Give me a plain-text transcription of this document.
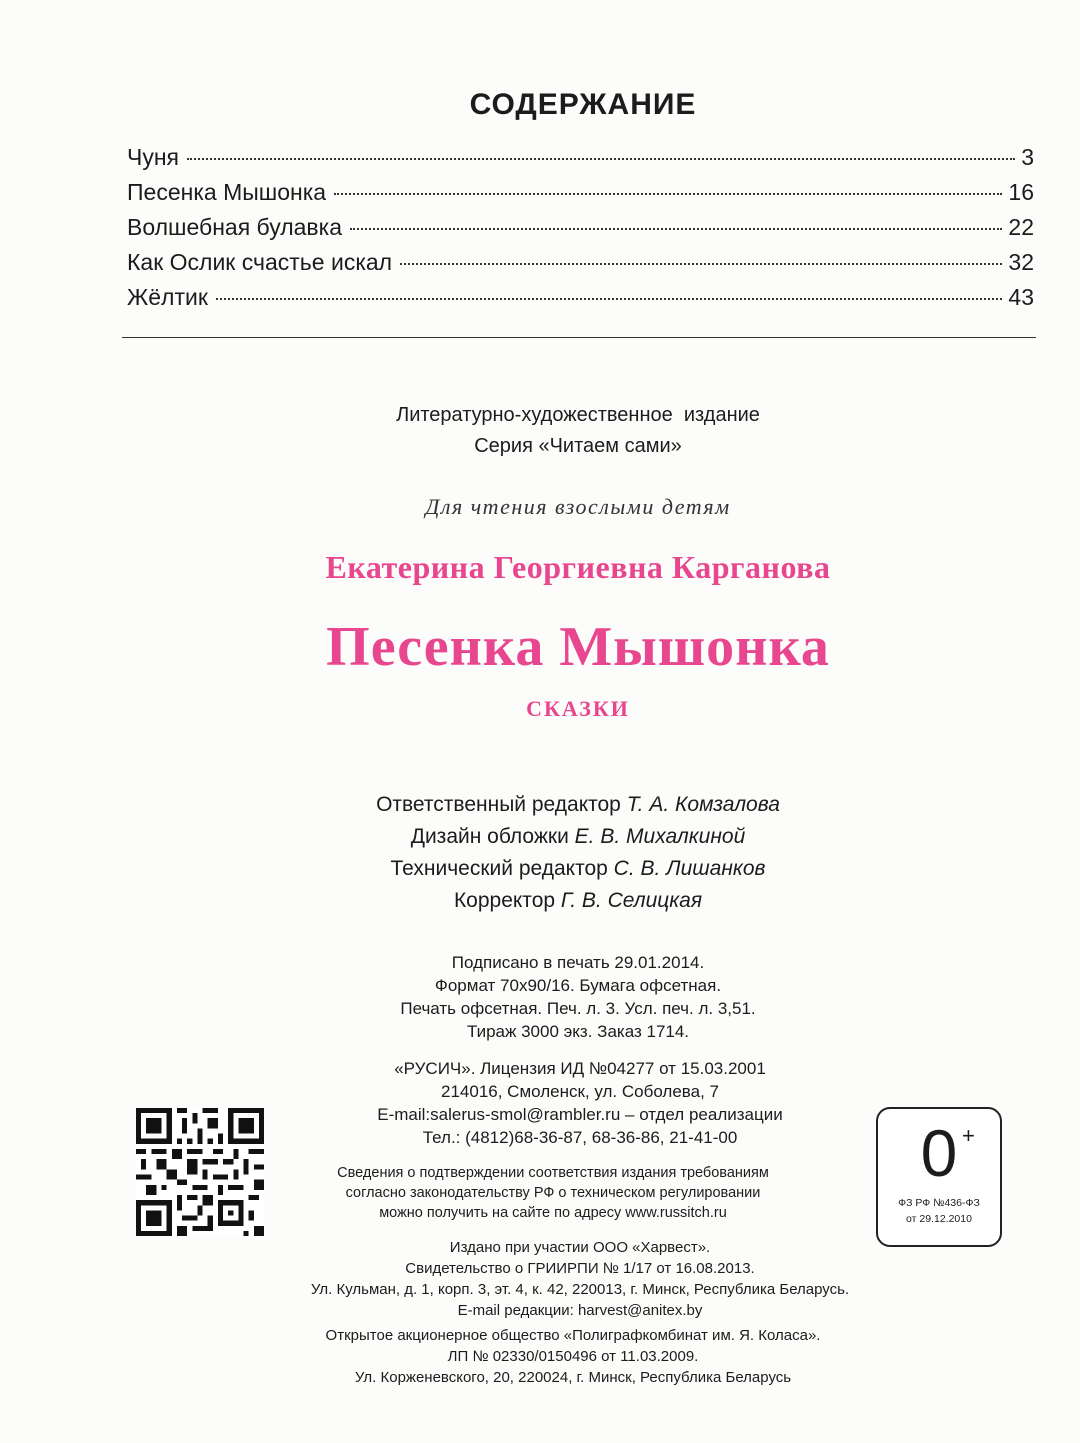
СОДЕРЖАНИЕ
Чуня	3
Песенка Мышонка	16
Волшебная булавка	22
Как Ослик счастье искал	32
Жёлтик	43

Литературно-художественное  издание

Серия «Читаем сами»

Для чтения взослыми детям
Екатерина Георгиевна Карганова
Песенка Мышонка
СКАЗКИ

Ответственный редактор Т. А. Комзалова

Дизайн обложки Е. В. Михалкиной

Технический редактор С. В. Лишанков

Корректор Г. В. Селицкая

Подписано в печать 29.01.2014.

Формат 70х90/16. Бумага офсетная.

Печать офсетная. Печ. л. 3. Усл. печ. л. 3,51.

Тираж 3000 экз. Заказ 1714.

«РУСИЧ». Лицензия ИД №04277 от 15.03.2001

214016, Смоленск, ул. Соболева, 7

E-mail:salerus-smol@rambler.ru – отдел реализации

Тел.: (4812)68-36-87, 68-36-86, 21-41-00

Сведения о подтверждении соответствия издания требованиям

согласно законодательству РФ о техническом регулировании

можно получить на сайте по адресу www.russitch.ru

0 +
ФЗ РФ №436-ФЗ
от 29.12.2010

Издано при участии ООО «Харвест».

Свидетельство о ГРИИРПИ № 1/17 от 16.08.2013.

Ул. Кульман, д. 1, корп. 3, эт. 4, к. 42, 220013, г. Минск, Республика Беларусь.

E-mail редакции: harvest@anitex.by

Открытое акционерное общество «Полиграфкомбинат им. Я. Коласа».

ЛП № 02330/0150496 от 11.03.2009.

Ул. Корженевского, 20, 220024, г. Минск, Республика Беларусь
